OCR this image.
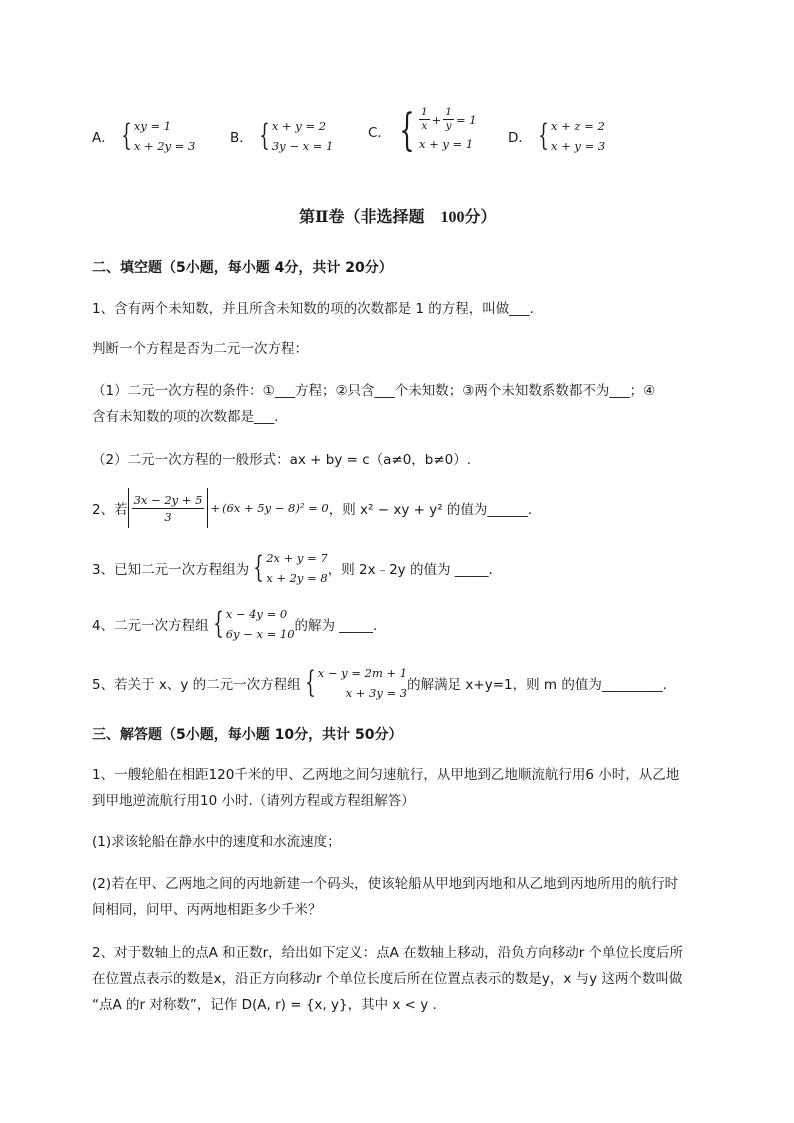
A． { xy = 1
x + 2y = 3	B． { x + y = 2
3y − x = 1
C． { $\frac{1}{x} + \frac{1}{y} = 1$
x + y = 1	D． { x + z = 2
x + y = 3
第Ⅱ卷（非选择题　100分）
二、填空题（5小题，每小题 4分，共计 20分）
1、含有两个未知数，并且所含未知数的项的次数都是 1 的方程，叫做___.
判断一个方程是否为二元一次方程：
（1）二元一次方程的条件：①___方程；②只含___个未知数；③两个未知数系数都不为___；④
含有未知数的项的次数都是___.
（2）二元一次方程的一般形式：ax + by = c（a≠0，b≠0）.
2、若 $\frac{3x - 2y + 5}{3} + (6x + 5y - 8)^2 = 0$ ，则 x² − xy + y² 的值为______.
3、已知二元一次方程组为 { 2x + y = 7
x + 2y = 8 ，则 2x﹣2y 的值为 _____.
4、二元一次方程组 { x − 4y = 0
6y − x = 10 的解为 _____.
5、若关于 x、y 的二元一次方程组 { x − y = 2m + 1
x + 3y = 3 的解满足 x+y=1，则 m 的值为_________.
三、解答题（5小题，每小题 10分，共计 50分）
1、一艘轮船在相距120千米的甲、乙两地之间匀速航行，从甲地到乙地顺流航行用6 小时，从乙地
到甲地逆流航行用10 小时.（请列方程或方程组解答）
(1)求该轮船在静水中的速度和水流速度；
(2)若在甲、乙两地之间的丙地新建一个码头，使该轮船从甲地到丙地和从乙地到丙地所用的航行时
间相同，问甲、丙两地相距多少千米？
2、对于数轴上的点A 和正数r，给出如下定义：点A 在数轴上移动，沿负方向移动r 个单位长度后所
在位置点表示的数是x，沿正方向移动r 个单位长度后所在位置点表示的数是y，x 与y 这两个数叫做
“点A 的r 对称数”，记作 D(A, r) = {x, y}，其中 x < y .
